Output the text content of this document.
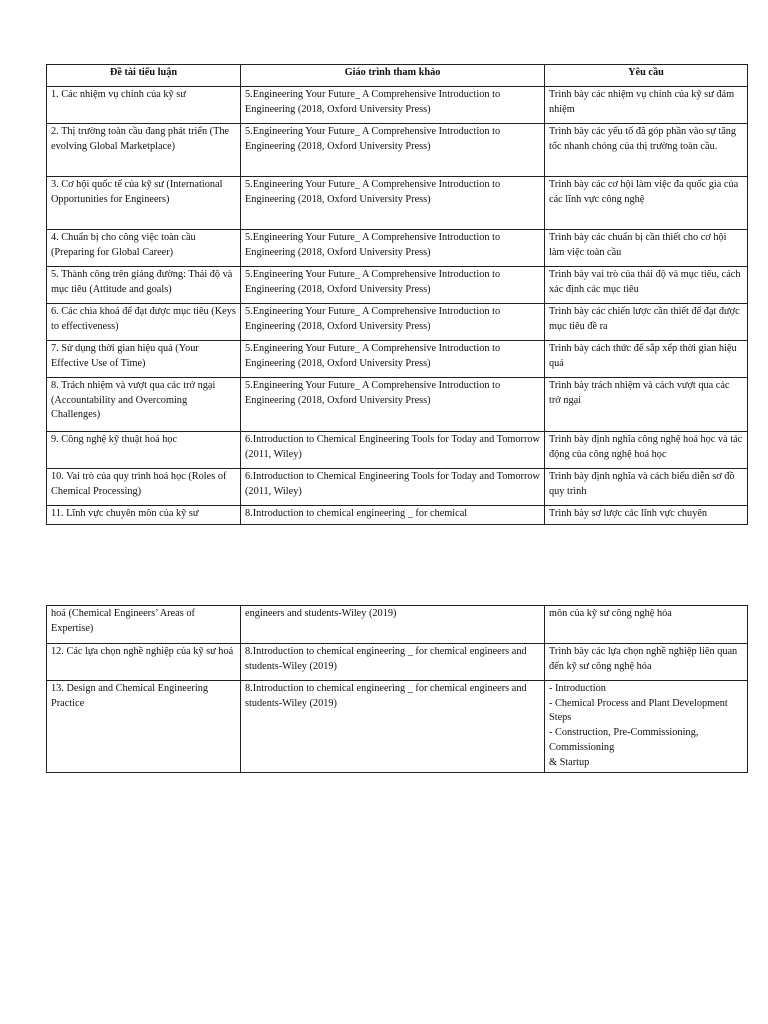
Đề tài tiểu luận	Giáo trình tham khảo	Yêu cầu
1. Các nhiệm vụ chính của kỹ sư	5.Engineering Your Future_ A Comprehensive Introduction to Engineering (2018, Oxford University Press)	Trình bày các nhiệm vụ chính của kỹ sư đảm nhiệm
2. Thị trường toàn cầu đang phát triển (The evolving Global Marketplace)	5.Engineering Your Future_ A Comprehensive Introduction to Engineering (2018, Oxford University Press)	Trình bày các yếu tố đã góp phần vào sự tăng tốc nhanh chóng của thị trường toàn cầu.
3. Cơ hội quốc tế của kỹ sư (International Opportunities for Engineers)	5.Engineering Your Future_ A Comprehensive Introduction to Engineering (2018, Oxford University Press)	Trình bày các cơ hội làm việc đa quốc gia của các lĩnh vực công nghệ
4. Chuẩn bị cho công việc toàn cầu (Preparing for Global Career)	5.Engineering Your Future_ A Comprehensive Introduction to Engineering (2018, Oxford University Press)	Trình bày các chuẩn bị cần thiết cho cơ hội làm việc toàn cầu
5. Thành công trên giảng đường: Thái độ và mục tiêu (Attitude and goals)	5.Engineering Your Future_ A Comprehensive Introduction to Engineering (2018, Oxford University Press)	Trình bày vai trò của thái độ và mục tiêu, cách xác định các mục tiêu
6. Các chìa khoá để đạt được mục tiêu (Keys to effectiveness)	5.Engineering Your Future_ A Comprehensive Introduction to Engineering (2018, Oxford University Press)	Trình bày các chiến lược cần thiết để đạt được mục tiêu đề ra
7. Sử dụng thời gian hiệu quả (Your Effective Use of Time)	5.Engineering Your Future_ A Comprehensive Introduction to Engineering (2018, Oxford University Press)	Trình bày cách thức để sắp xếp thời gian hiệu quả
8. Trách nhiệm và vượt qua các trở ngại (Accountability and Overcoming Challenges)	5.Engineering Your Future_ A Comprehensive Introduction to Engineering (2018, Oxford University Press)	Trình bày trách nhiệm và cách vượt qua các trở ngại
9. Công nghệ kỹ thuật hoá học	6.Introduction to Chemical Engineering Tools for Today and Tomorrow (2011, Wiley)	Trình bày định nghĩa công nghệ hoá học và tác động của công nghệ hoá học
10. Vai trò của quy trình hoá học (Roles of Chemical Processing)	6.Introduction to Chemical Engineering Tools for Today and Tomorrow (2011, Wiley)	Trình bày định nghĩa và cách biểu diễn sơ đồ quy trình
11. Lĩnh vực chuyên môn của kỹ sư	8.Introduction to chemical engineering _ for chemical	Trình bày sơ lược các lĩnh vực chuyên
hoá (Chemical Engineers’ Areas of Expertise)	engineers and students-Wiley (2019)	môn của kỹ sư công nghệ hóa
12. Các lựa chọn nghề nghiệp của kỹ sư hoá	8.Introduction to chemical engineering _ for chemical engineers and students-Wiley (2019)	Trình bày các lựa chọn nghề nghiệp liên quan đến kỹ sư công nghệ hóa
13. Design and Chemical Engineering Practice	8.Introduction to chemical engineering _ for chemical engineers and students-Wiley (2019)	- Introduction
- Chemical Process and Plant Development Steps
- Construction, Pre-Commissioning, Commissioning
& Startup
